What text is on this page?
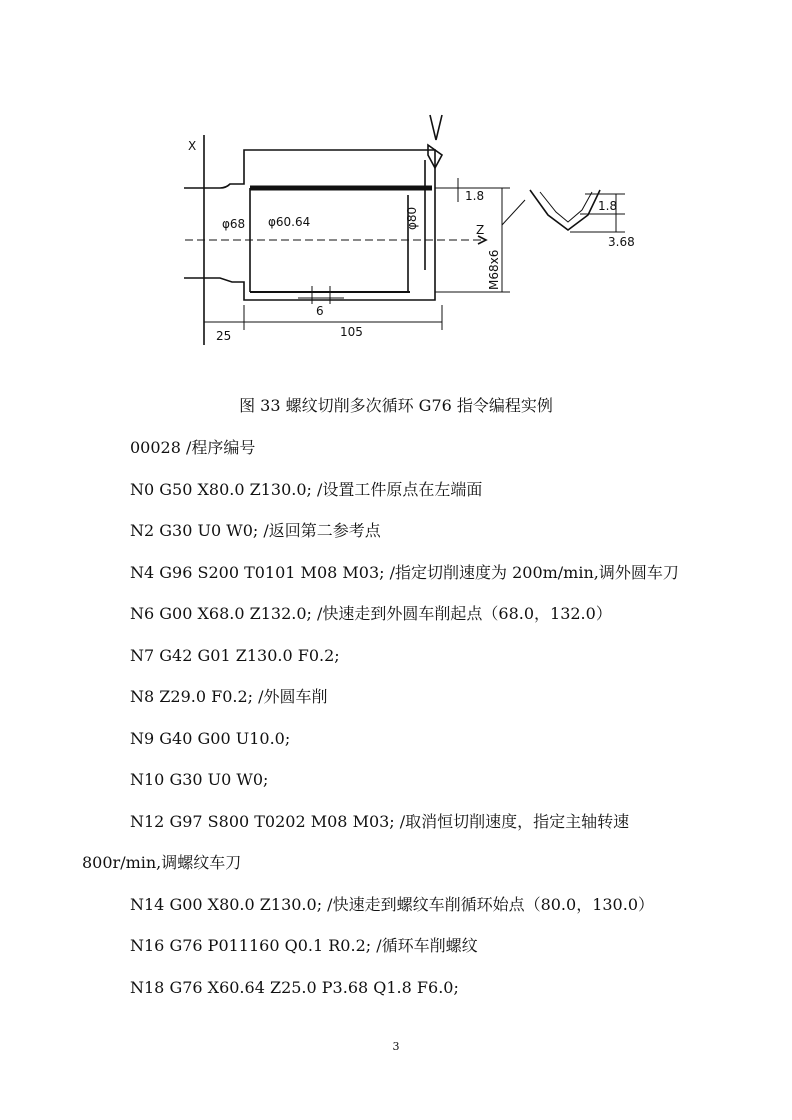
X
Z
φ68 φ60.64	φ80
M68x6
1.8
1.8
3.68
6
25	105
图 33 螺纹切削多次循环 G76 指令编程实例
00028 /程序编号
N0 G50 X80.0 Z130.0; /设置工件原点在左端面
N2 G30 U0 W0; /返回第二参考点
N4 G96 S200 T0101 M08 M03; /指定切削速度为 200m/min,调外圆车刀
N6 G00 X68.0 Z132.0; /快速走到外圆车削起点（68.0，132.0）
N7 G42 G01 Z130.0 F0.2;
N8 Z29.0 F0.2; /外圆车削
N9 G40 G00 U10.0;
N10 G30 U0 W0;
N12 G97 S800 T0202 M08 M03; /取消恒切削速度，指定主轴转速
800r/min,调螺纹车刀
N14 G00 X80.0 Z130.0; /快速走到螺纹车削循环始点（80.0，130.0）
N16 G76 P011160 Q0.1 R0.2; /循环车削螺纹
N18 G76 X60.64 Z25.0 P3.68 Q1.8 F6.0;
3
